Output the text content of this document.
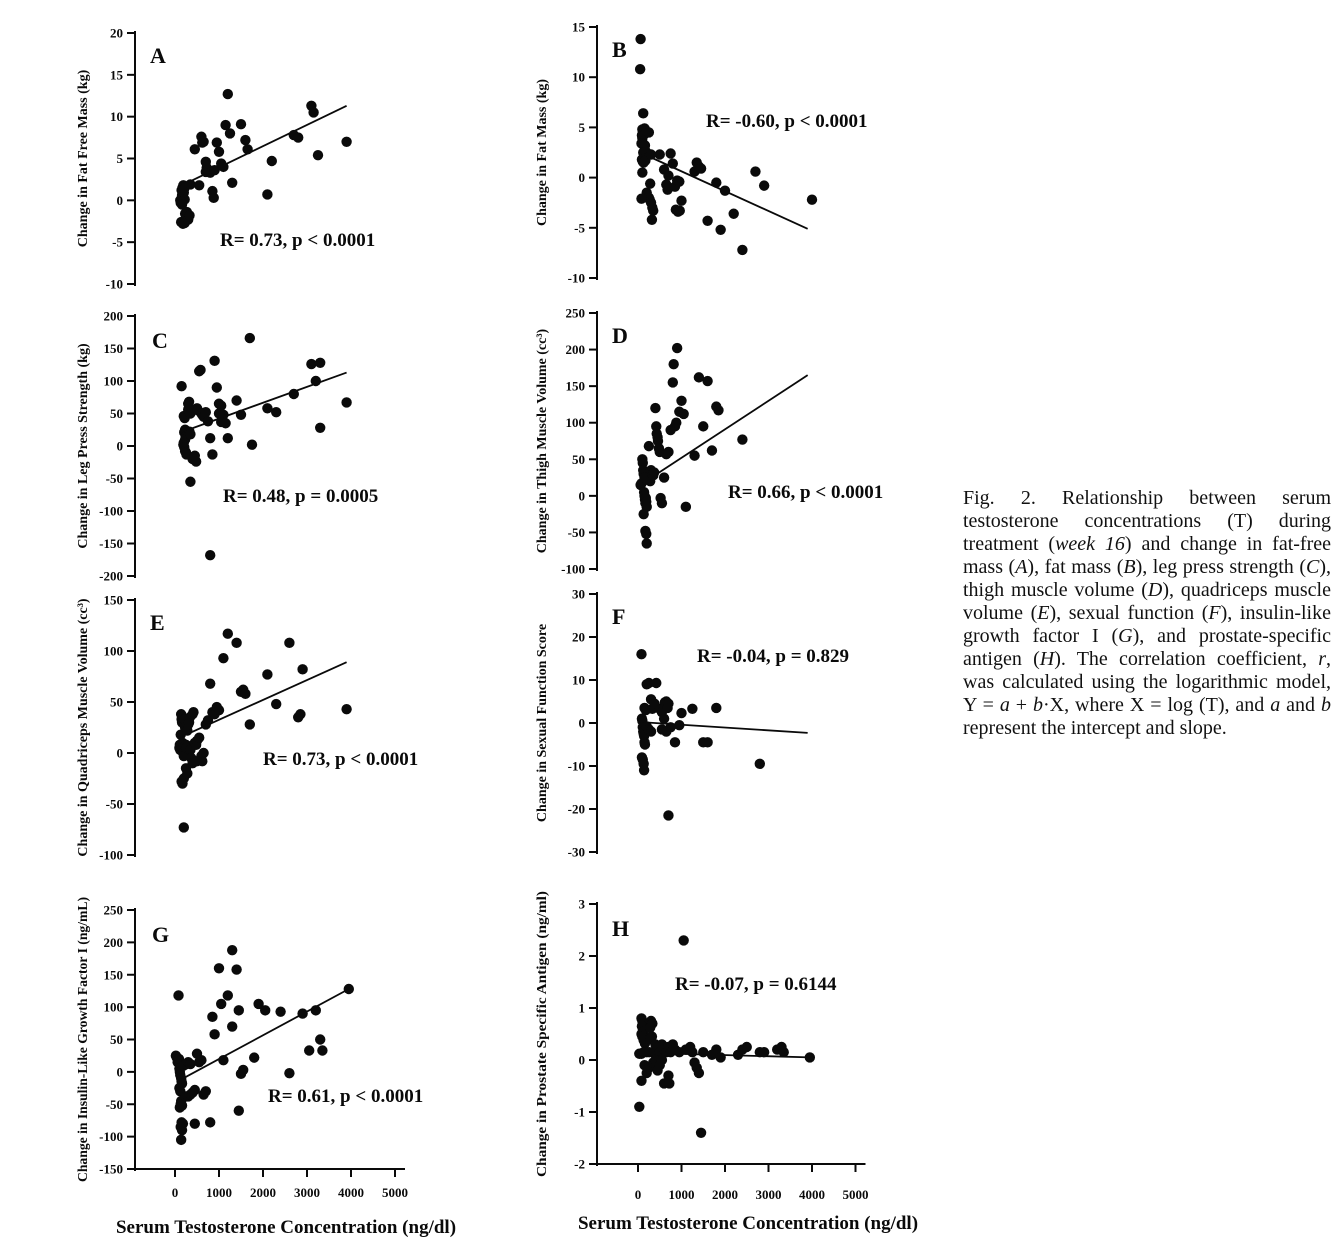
20
15
10
5
0
-5
-10
Change in Fat Free Mass (kg)
A
R= 0.73, p < 0.0001
15
10
5
0
-5
-10
Change in Fat Mass (kg)
B
R= -0.60, p < 0.0001
200
150
100
50
0
-50
-100
-150
-200
Change in Leg Press Strength (kg)
C
R= 0.48, p = 0.0005
250
200
150
100
50
0
-50
-100
Change in Thigh Muscle Volume (cc³)	D
R= 0.66, p < 0.0001
150
100
50
0
-50
-100
Change in Quadriceps Muscle Volume (cc³)	E
R= 0.73, p < 0.0001
30
20
10
0
-10
-20
-30
Change in Sexual Function Score
F
R= -0.04, p = 0.829
250
200
150
100
50
0
-50
-100
-150
Change in Insulin-Like Growth Factor I (ng/mL)	G
R= 0.61, p < 0.0001
0 1000 2000 3000 4000 5000
3
2
1
0
-1
-2
Change in Prostate Specific Antigen (ng/ml)	H
R= -0.07, p = 0.6144
0 1000 2000 3000 4000 5000
Serum Testosterone Concentration (ng/dl)	Serum Testosterone Concentration (ng/dl)
Fig. 2. Relationship between serum testosterone concentrations (T) during treatment (week 16) and change in fat-free mass (A), fat mass (B), leg press strength (C), thigh muscle volume (D), quadriceps muscle volume (E), sexual function (F), insulin-like growth factor I (G), and prostate-specific antigen (H). The correlation coefficient, r, was calculated using the logarithmic model, Y = a + b·X, where X = log (T), and a and b represent the intercept and slope.
